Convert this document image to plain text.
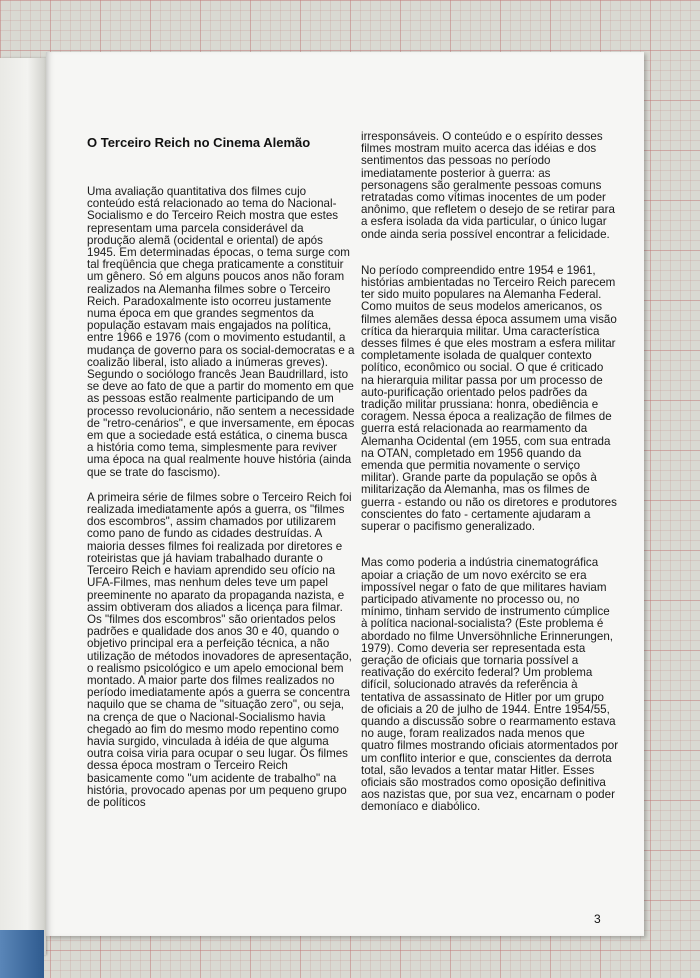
O Terceiro Reich no Cinema Alemão

Uma avaliação quantitativa dos filmes cujo conteúdo está relacionado ao tema do Nacional-Socialismo e do Terceiro Reich mostra que estes representam uma parcela considerável da produção alemã (ocidental e oriental) de após 1945. Em determinadas épocas, o tema surge com tal freqüência que chega praticamente a constituir um gênero. Só em alguns poucos anos não foram realizados na Alemanha filmes sobre o Terceiro Reich. Paradoxalmente isto ocorreu justamente numa época em que grandes segmentos da população estavam mais engajados na política, entre 1966 e 1976 (com o movimento estudantil, a mudança de governo para os social-democratas e a coalizão liberal, isto aliado a inúmeras greves). Segundo o sociólogo francês Jean Baudrillard, isto se deve ao fato de que a partir do momento em que as pessoas estão realmente participando de um processo revolucionário, não sentem a necessidade de "retro-cenários", e que inversamente, em épocas em que a sociedade está estática, o cinema busca a história como tema, simplesmente para reviver uma época na qual realmente houve história (ainda que se trate do fascismo).

A primeira série de filmes sobre o Terceiro Reich foi realizada imediatamente após a guerra, os "filmes dos escombros", assim chamados por utilizarem como pano de fundo as cidades destruídas. A maioria desses filmes foi realizada por diretores e roteiristas que já haviam trabalhado durante o Terceiro Reich e haviam aprendido seu ofício na UFA-Filmes, mas nenhum deles teve um papel preeminente no aparato da propaganda nazista, e assim obtiveram dos aliados a licença para filmar. Os "filmes dos escombros" são orientados pelos padrões e qualidade dos anos 30 e 40, quando o objetivo principal era a perfeição técnica, a não utilização de métodos inovadores de apresentação, o realismo psicológico e um apelo emocional bem montado. A maior parte dos filmes realizados no período imediatamente após a guerra se concentra naquilo que se chama de "situação zero", ou seja, na crença de que o Nacional-Socialismo havia chegado ao fim do mesmo modo repentino como havia surgido, vinculada à idéia de que alguma outra coisa viria para ocupar o seu lugar. Os filmes dessa época mostram o Terceiro Reich basicamente como "um acidente de trabalho" na história, provocado apenas por um pequeno grupo de políticos

irresponsáveis. O conteúdo e o espírito desses filmes mostram muito acerca das idéias e dos sentimentos das pessoas no período imediatamente posterior à guerra: as personagens são geralmente pessoas comuns retratadas como vítimas inocentes de um poder anônimo, que refletem o desejo de se retirar para a esfera isolada da vida particular, o único lugar onde ainda seria possível encontrar a felicidade.

No período compreendido entre 1954 e 1961, histórias ambientadas no Terceiro Reich parecem ter sido muito populares na Alemanha Federal. Como muitos de seus modelos americanos, os filmes alemães dessa época assumem uma visão crítica da hierarquia militar. Uma característica desses filmes é que eles mostram a esfera militar completamente isolada de qualquer contexto político, econômico ou social. O que é criticado na hierarquia militar passa por um processo de auto-purificação orientado pelos padrões da tradição militar prussiana: honra, obediência e coragem. Nessa época a realização de filmes de guerra está relacionada ao rearmamento da Alemanha Ocidental (em 1955, com sua entrada na OTAN, completado em 1956 quando da emenda que permitia novamente o serviço militar). Grande parte da população se opôs à militarização da Alemanha, mas os filmes de guerra - estando ou não os diretores e produtores conscientes do fato - certamente ajudaram a superar o pacifismo generalizado.

Mas como poderia a indústria cinematográfica apoiar a criação de um novo exército se era impossível negar o fato de que militares haviam participado ativamente no processo ou, no mínimo, tinham servido de instrumento cúmplice à política nacional-socialista? (Este problema é abordado no filme Unversöhnliche Erinnerungen, 1979). Como deveria ser representada esta geração de oficiais que tornaria possível a reativação do exército federal? Um problema difícil, solucionado através da referência à tentativa de assassinato de Hitler por um grupo de oficiais a 20 de julho de 1944. Entre 1954/55, quando a discussão sobre o rearmamento estava no auge, foram realizados nada menos que quatro filmes mostrando oficiais atormentados por um conflito interior e que, conscientes da derrota total, são levados a tentar matar Hitler. Esses oficiais são mostrados como oposição definitiva aos nazistas que, por sua vez, encarnam o poder demoníaco e diabólico.

3
